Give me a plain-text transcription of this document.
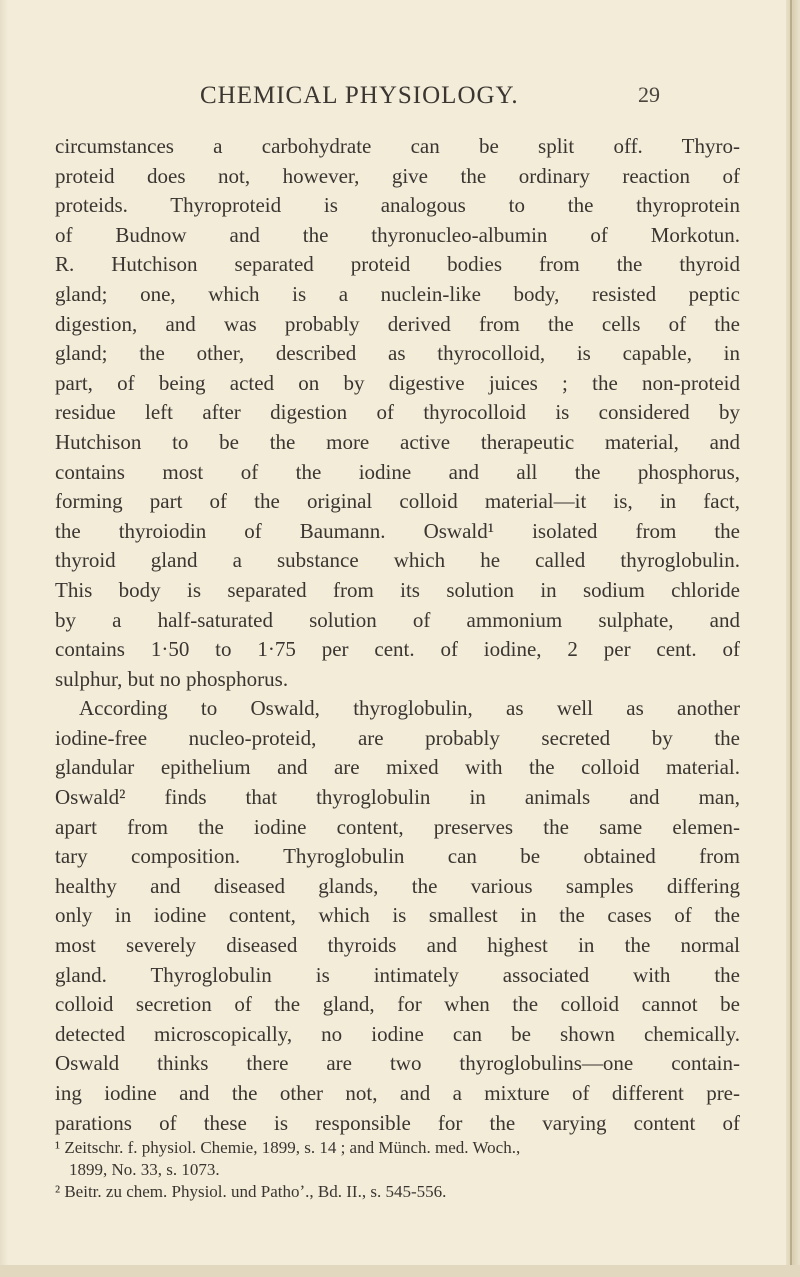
CHEMICAL PHYSIOLOGY.	29
circumstances a carbohydrate can be split off. Thyro-
proteid does not, however, give the ordinary reaction of
proteids. Thyroproteid is analogous to the thyroprotein
of Budnow and the thyronucleo-albumin of Morkotun.
R. Hutchison separated proteid bodies from the thyroid
gland; one, which is a nuclein-like body, resisted peptic
digestion, and was probably derived from the cells of the
gland; the other, described as thyrocolloid, is capable, in
part, of being acted on by digestive juices ; the non-proteid
residue left after digestion of thyrocolloid is considered by
Hutchison to be the more active therapeutic material, and
contains most of the iodine and all the phosphorus,
forming part of the original colloid material—it is, in fact,
the thyroiodin of Baumann. Oswald¹ isolated from the
thyroid gland a substance which he called thyroglobulin.
This body is separated from its solution in sodium chloride
by a half-saturated solution of ammonium sulphate, and
contains 1·50 to 1·75 per cent. of iodine, 2 per cent. of
sulphur, but no phosphorus.
According to Oswald, thyroglobulin, as well as another
iodine-free nucleo-proteid, are probably secreted by the
glandular epithelium and are mixed with the colloid material.
Oswald² finds that thyroglobulin in animals and man,
apart from the iodine content, preserves the same elemen-
tary composition. Thyroglobulin can be obtained from
healthy and diseased glands, the various samples differing
only in iodine content, which is smallest in the cases of the
most severely diseased thyroids and highest in the normal
gland. Thyroglobulin is intimately associated with the
colloid secretion of the gland, for when the colloid cannot be
detected microscopically, no iodine can be shown chemically.
Oswald thinks there are two thyroglobulins—one contain-
ing iodine and the other not, and a mixture of different pre-
parations of these is responsible for the varying content of
¹ Zeitschr. f. physiol. Chemie, 1899, s. 14 ; and Münch. med. Woch.,
1899, No. 33, s. 1073.
² Beitr. zu chem. Physiol. und Pathoʼ., Bd. II., s. 545-556.
